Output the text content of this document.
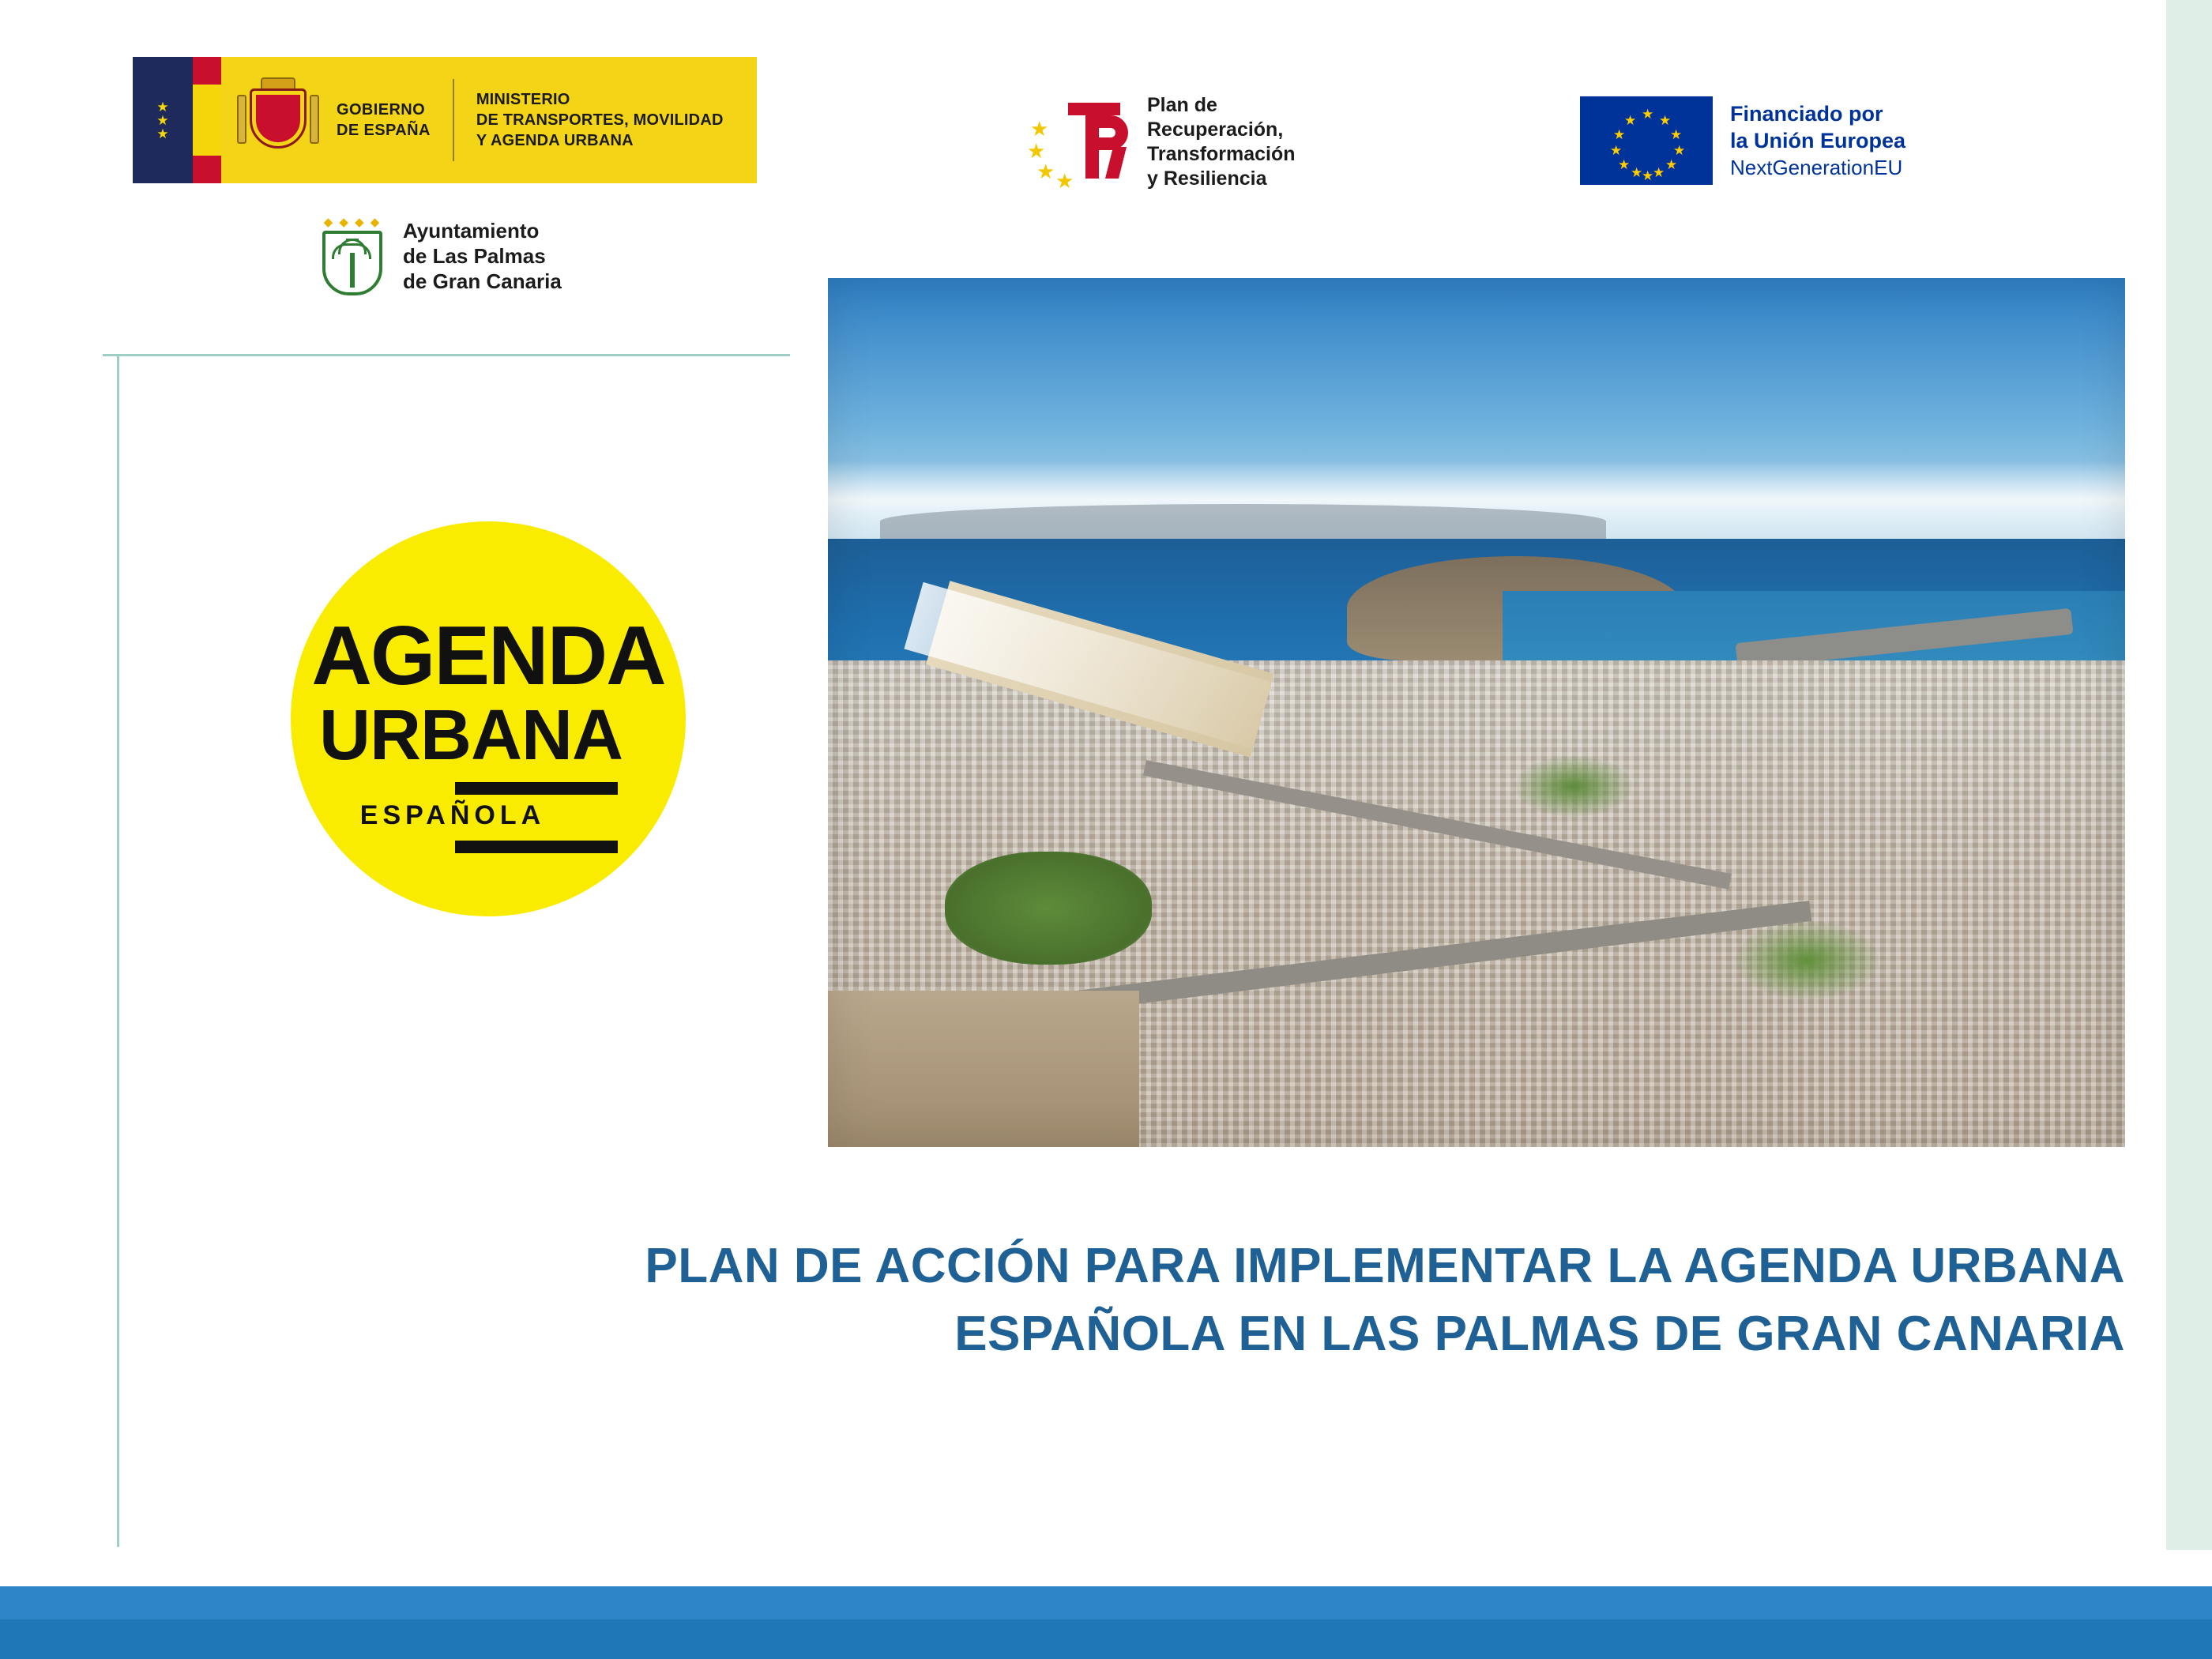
★
★
★
GOBIERNO
DE ESPAÑA
MINISTERIO
DE TRANSPORTES, MOVILIDAD
Y AGENDA URBANA	★
★
★ ★
Plan de
Recuperación,
Transformación
y Resiliencia
★
★ ★
★	★
★	★
★	★
★ ★
★
Financiado por
la Unión Europea
NextGenerationEU
◆ ◆ ◆ ◆ Ayuntamiento
de Las Palmas
de Gran Canaria
AGENDA
URBANA
ESPAÑOLA
PLAN DE ACCIÓN PARA IMPLEMENTAR LA AGENDA URBANA
ESPAÑOLA EN LAS PALMAS DE GRAN CANARIA
